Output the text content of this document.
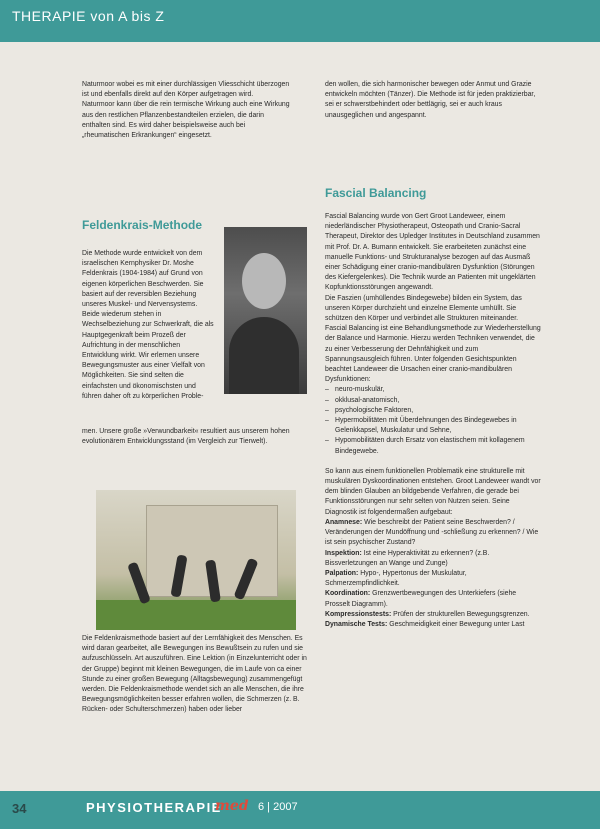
THERAPIE von A bis Z

Naturmoor wobei es mit einer durchlässigen Vliesschicht überzogen ist und ebenfalls direkt auf den Körper aufgetragen wird.

Naturmoor kann über die rein termische Wirkung auch eine Wirkung aus den restlichen Pflanzenbestandteilen erzielen, die darin enthalten sind. Es wird daher beispielsweise auch bei „rheumatischen Erkrankungen“ eingesetzt.

Feldenkrais-Methode
Die Methode wurde entwickelt von dem israelischen Kernphysiker Dr. Moshe Feldenkrais (1904-1984) auf Grund von eigenen körperlichen Beschwerden. Sie basiert auf der reversiblen Beziehung unseres Muskel- und Nervensystems. Beide wiederum stehen in Wechselbeziehung zur Schwerkraft, die als Hauptgegenkraft beim Prozeß der Aufrichtung in der menschlichen Entwicklung wirkt. Wir erlernen unsere Bewegungsmuster aus einer Vielfalt von Möglichkeiten. Sie sind selten die einfachsten und ökonomischsten und führen daher oft zu körperlichen Proble-
men. Unsere große »Verwundbarkeit« resultiert aus unserem hohen evolutionärem Entwicklungsstand (im Vergleich zur Tierwelt).
Die Feldenkraismethode basiert auf der Lernfähigkeit des Menschen. Es wird daran gearbeitet, alle Bewegungen ins Bewußtsein zu rufen und sie aufzuschlüsseln. Art auszuführen. Eine Lektion (in Einzelunterricht oder in der Gruppe) beginnt mit kleinen Bewegungen, die im Laufe von ca einer Stunde zu einer großen Bewegung (Alltagsbewegung) zusammengefügt werden. Die Feldenkraismethode wendet sich an alle Menschen, die ihre Bewegungsmöglichkeiten besser erfahren wollen, die Schmerzen (z. B. Rücken- oder Schulterschmerzen) haben oder lieber

den wollen, die sich harmonischer bewegen oder Anmut und Grazie entwickeln möchten (Tänzer). Die Methode ist für jeden praktizierbar, sei er schwerstbehindert oder bettlägrig, sei er auch kraus unausgeglichen und angespannt.

Fascial Balancing

Fascial Balancing wurde von Gert Groot Landeweer, einem niederländischer Physiotherapeut, Osteopath und Cranio-Sacral Therapeut, Direktor des Upledger Institutes in Deutschland zusammen mit Prof. Dr. A. Bumann entwickelt. Sie erarbeiteten zunächst eine manuelle Funktions- und Strukturanalyse bezogen auf das Ausmaß einer Schädigung einer cranio-mandibulären Dysfunktion (Störungen des Kiefergelenkes). Die Technik wurde an Patienten mit ungeklärten Kopfunktionsstörungen angewandt.

Die Faszien (umhüllendes Bindegewebe) bilden ein System, das unseren Körper durchzieht und einzelne Elemente umhüllt. Sie schützen den Körper und verbindet alle Strukturen miteinander. Fascial Balancing ist eine Behandlungsmethode zur Wiederherstellung der Balance und Harmonie. Hierzu werden Techniken verwendet, die zu einer Verbesserung der Dehnfähigkeit und zum Spannungsausgleich führen. Unter folgenden Gesichtspunkten beachtet Landeweer die Ursachen einer cranio-mandibulären Dysfunktionen:

– neuro-muskulär,
– okklusal-anatomisch,
– psychologische Faktoren,
– Hypermobilitäten mit Überdehnungen des Bindegewebes in Gelenkkapsel, Muskulatur und Sehne,
– Hypomobilitäten durch Ersatz von elastischem mit kollagenem Bindegewebe.

So kann aus einem funktionellen Problematik eine strukturelle mit muskulären Dyskoordinationen entstehen. Groot Landeweer wandt vor dem blinden Glauben an bildgebende Verfahren, die gerade bei Funktionsstörungen nur sehr selten von Nutzen seien. Seine Diagnostik ist folgendermaßen aufgebaut:

Anamnese: Wie beschreibt der Patient seine Beschwerden? / Veränderungen der Mundöffnung und -schließung zu erkennen? / Wie ist sein psychischer Zustand?

Inspektion: Ist eine Hyperaktivität zu erkennen? (z.B. Bissverletzungen an Wange und Zunge)

Palpation: Hypo-, Hypertonus der Muskulatur, Schmerzempfindlichkeit.

Koordination: Grenzwertbewegungen des Unterkiefers (siehe Prosselt Diagramm).

Kompressionstests: Prüfen der strukturellen Bewegungsgrenzen.

Dynamische Tests: Geschmeidigkeit einer Bewegung unter Last

34	PHYSIOTHERAPIE
med 6 | 2007
